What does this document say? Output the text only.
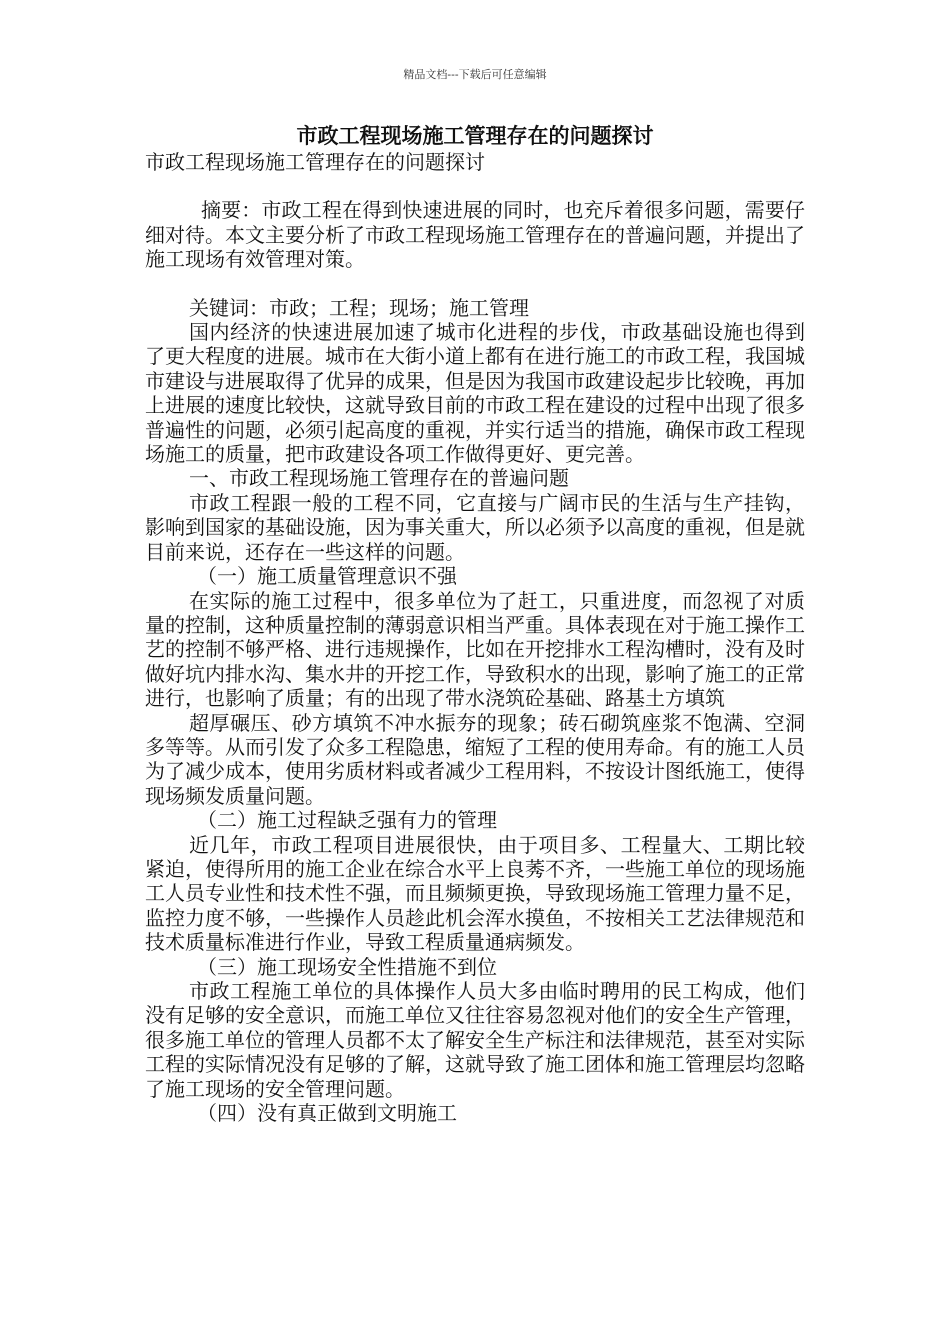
精品文档---下载后可任意编辑
市政工程现场施工管理存在的问题探讨

市政工程现场施工管理存在的问题探讨

摘要：市政工程在得到快速进展的同时，也充斥着很多问题，需要仔细对待。本文主要分析了市政工程现场施工管理存在的普遍问题，并提出了施工现场有效管理对策。

关键词：市政；工程；现场；施工管理

国内经济的快速进展加速了城市化进程的步伐，市政基础设施也得到了更大程度的进展。城市在大街小道上都有在进行施工的市政工程，我国城市建设与进展取得了优异的成果，但是因为我国市政建设起步比较晚，再加上进展的速度比较快，这就导致目前的市政工程在建设的过程中出现了很多普遍性的问题，必须引起高度的重视，并实行适当的措施，确保市政工程现场施工的质量，把市政建设各项工作做得更好、更完善。

一、市政工程现场施工管理存在的普遍问题

市政工程跟一般的工程不同，它直接与广阔市民的生活与生产挂钩，影响到国家的基础设施，因为事关重大，所以必须予以高度的重视，但是就目前来说，还存在一些这样的问题。

（一）施工质量管理意识不强

在实际的施工过程中，很多单位为了赶工，只重进度，而忽视了对质量的控制，这种质量控制的薄弱意识相当严重。具体表现在对于施工操作工艺的控制不够严格、进行违规操作，比如在开挖排水工程沟槽时，没有及时做好坑内排水沟、集水井的开挖工作，导致积水的出现，影响了施工的正常进行，也影响了质量；有的出现了带水浇筑砼基础、路基土方填筑

超厚碾压、砂方填筑不冲水振夯的现象；砖石砌筑座浆不饱满、空洞多等等。从而引发了众多工程隐患，缩短了工程的使用寿命。有的施工人员为了减少成本，使用劣质材料或者减少工程用料，不按设计图纸施工，使得现场频发质量问题。

（二）施工过程缺乏强有力的管理

近几年，市政工程项目进展很快，由于项目多、工程量大、工期比较紧迫，使得所用的施工企业在综合水平上良莠不齐，一些施工单位的现场施工人员专业性和技术性不强，而且频频更换，导致现场施工管理力量不足，监控力度不够，一些操作人员趁此机会浑水摸鱼，不按相关工艺法律规范和技术质量标准进行作业，导致工程质量通病频发。

（三）施工现场安全性措施不到位

市政工程施工单位的具体操作人员大多由临时聘用的民工构成，他们没有足够的安全意识，而施工单位又往往容易忽视对他们的安全生产管理，很多施工单位的管理人员都不太了解安全生产标注和法律规范，甚至对实际工程的实际情况没有足够的了解，这就导致了施工团体和施工管理层均忽略了施工现场的安全管理问题。

（四）没有真正做到文明施工
